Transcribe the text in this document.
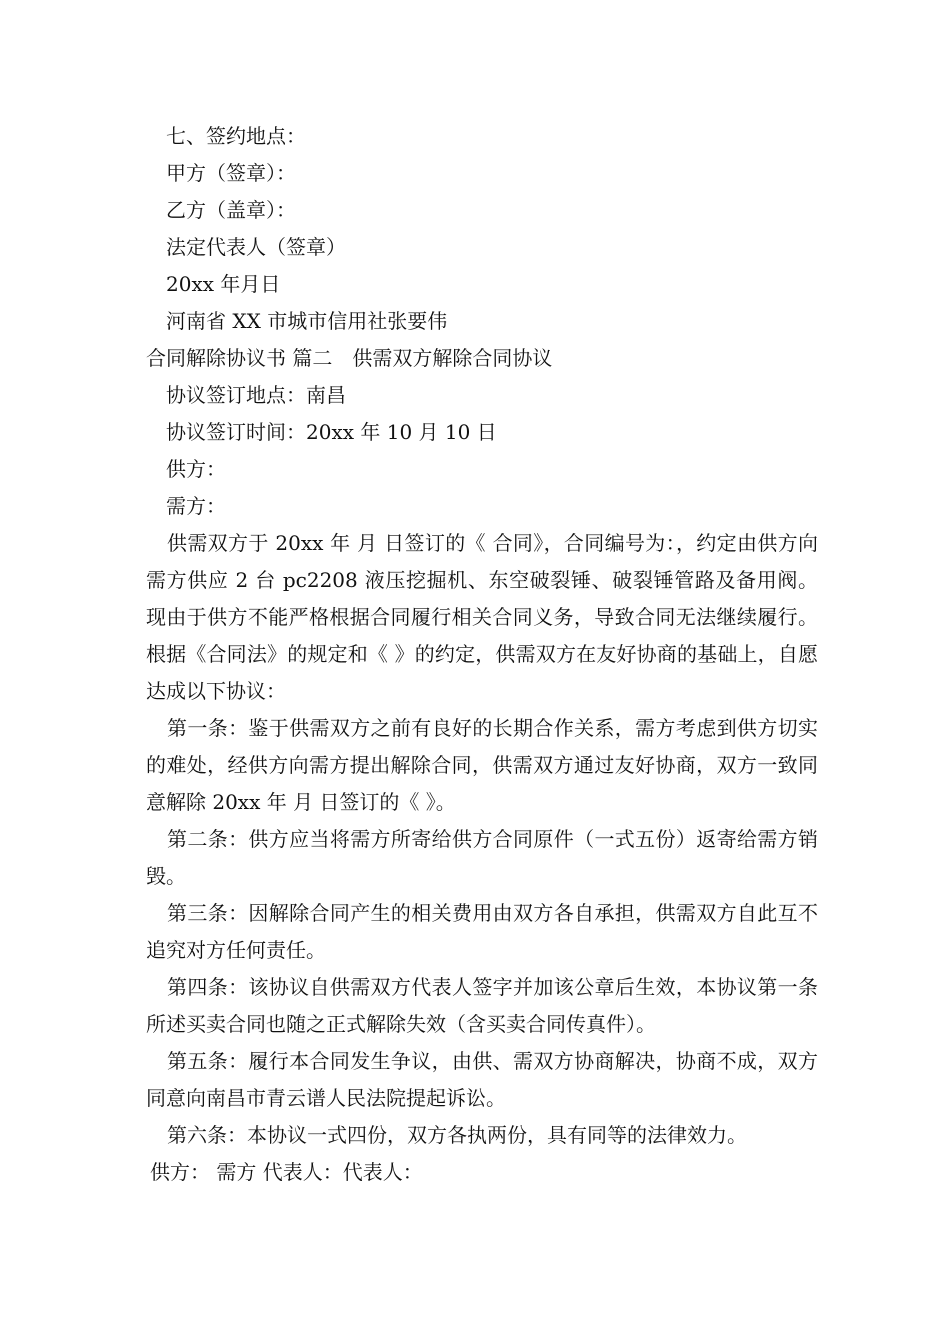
七、签约地点：
甲方（签章）：
乙方（盖章）：
法定代表人（签章）
20xx 年月日
河南省 XX 市城市信用社张要伟
合同解除协议书 篇二　供需双方解除合同协议
协议签订地点：南昌
协议签订时间：20xx 年 10 月 10 日
供方：
需方：

供需双方于 20xx 年 月 日签订的《 合同》，合同编号为：，约定由供方向需方供应 2 台 pc2208 液压挖掘机、东空破裂锤、破裂锤管路及备用阀。现由于供方不能严格根据合同履行相关合同义务，导致合同无法继续履行。根据《合同法》的规定和《 》的约定，供需双方在友好协商的基础上，自愿达成以下协议：

第一条：鉴于供需双方之前有良好的长期合作关系，需方考虑到供方切实的难处，经供方向需方提出解除合同，供需双方通过友好协商，双方一致同意解除 20xx 年 月 日签订的《 》。

第二条：供方应当将需方所寄给供方合同原件（一式五份）返寄给需方销毁。

第三条：因解除合同产生的相关费用由双方各自承担，供需双方自此互不追究对方任何责任。

第四条：该协议自供需双方代表人签字并加该公章后生效，本协议第一条所述买卖合同也随之正式解除失效（含买卖合同传真件）。

第五条：履行本合同发生争议，由供、需双方协商解决，协商不成，双方同意向南昌市青云谱人民法院提起诉讼。

第六条：本协议一式四份，双方各执两份，具有同等的法律效力。

供方： 需方 代表人：代表人：
